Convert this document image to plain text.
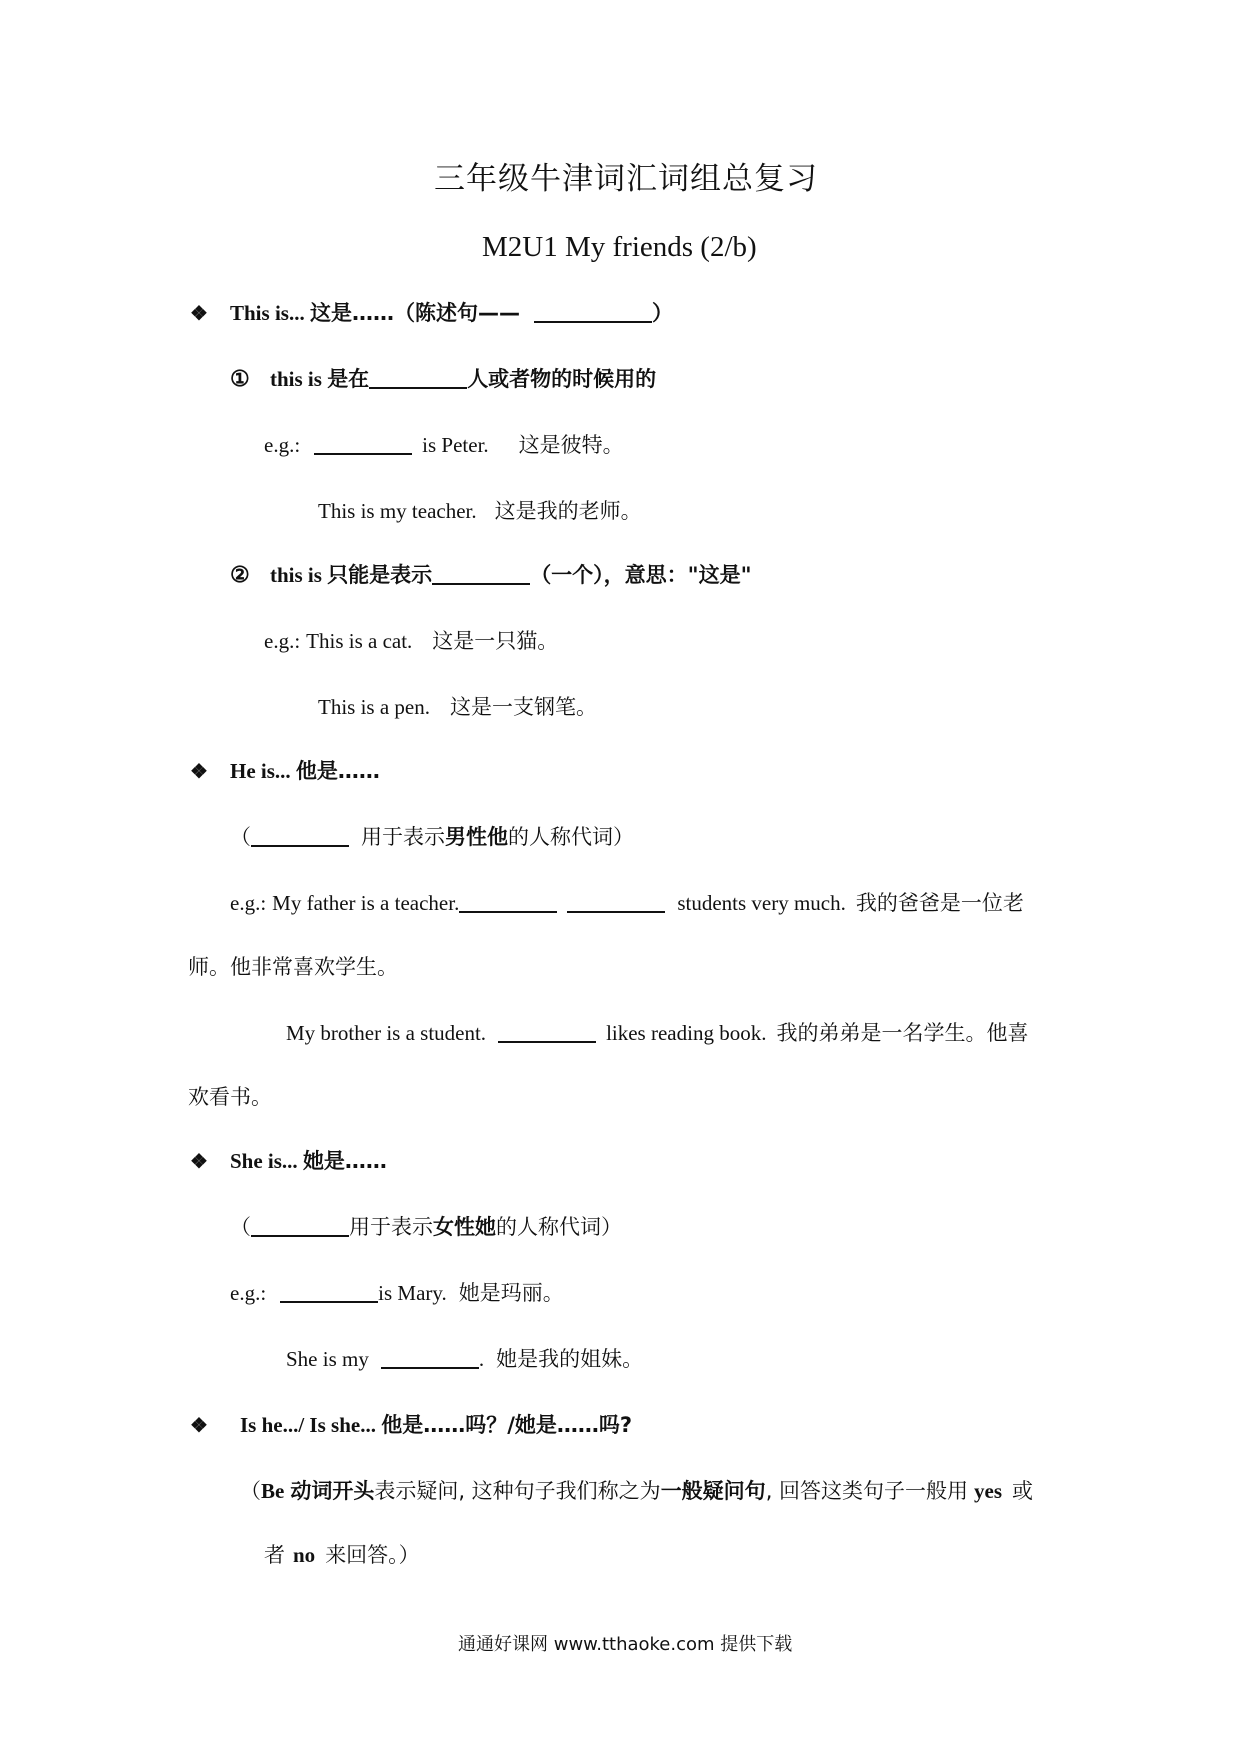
三年级牛津词汇词组总复习
M2U1 My friends (2/b)
❖ This is... 这是……（陈述句——	）
① this is 是在	人或者物的时候用的
e.g.:	is Peter. 这是彼特。
This is my teacher. 这是我的老师。
② this is 只能是表示	（一个），意思："这是"
e.g.: This is a cat. 这是一只猫。
This is a pen. 这是一支钢笔。
❖ He is... 他是……
（	用于表示男性他的人称代词）
e.g.: My father is a teacher.	students very much. 我的爸爸是一位老
师。他非常喜欢学生。
My brother is a student.	likes reading book. 我的弟弟是一名学生。他喜
欢看书。
❖ She is... 她是……
（	用于表示女性她的人称代词）
e.g.:	is Mary. 她是玛丽。
She is my	. 她是我的姐妹。
❖ Is he.../ Is she... 他是……吗？/她是……吗?
（Be 动词开头表示疑问, 这种句子我们称之为一般疑问句, 回答这类句子一般用 yes 或
者 no 来回答。）
通通好课网 www.tthaoke.com 提供下载
